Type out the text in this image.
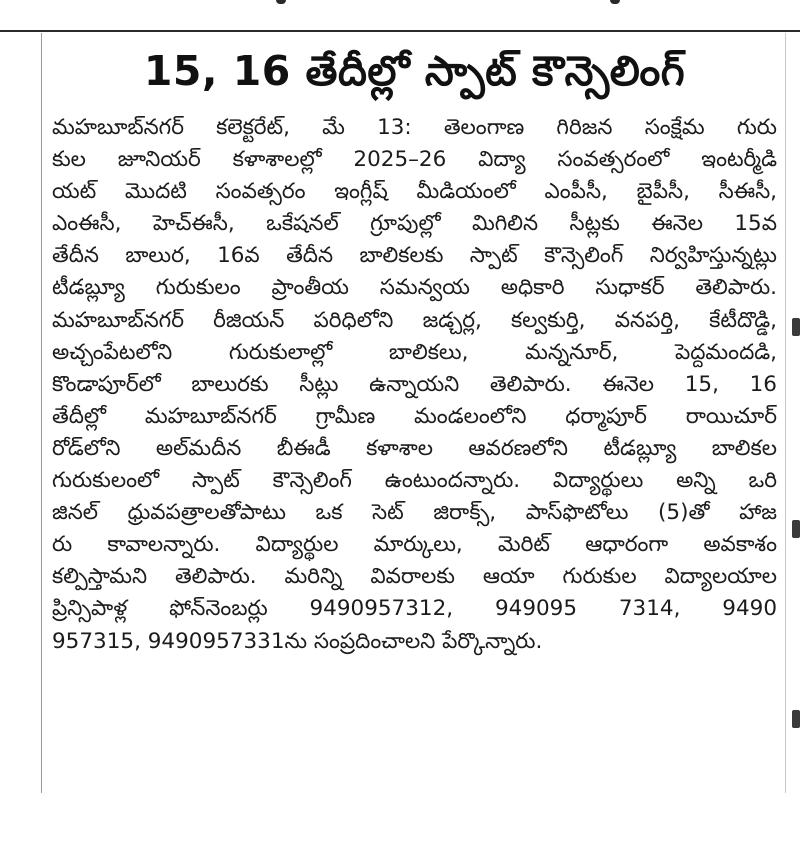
15, 16 తేదీల్లో స్పాట్ కౌన్సెలింగ్
మహబూబ్‌నగర్ కలెక్టరేట్, మే 13: తెలంగాణ గిరిజన సంక్షేమ గురు
కుల జూనియర్ కళాశాలల్లో 2025–26 విద్యా సంవత్సరంలో ఇంటర్మీడి
యట్ మొదటి సంవత్సరం ఇంగ్లీష్ మీడియంలో ఎంపీసీ, బైపీసీ, సీఈసీ,
ఎంఈసీ, హెచ్ఈసీ, ఒకేషనల్ గ్రూపుల్లో మిగిలిన సీట్లకు ఈనెల 15వ
తేదీన బాలుర, 16వ తేదీన బాలికలకు స్పాట్ కౌన్సెలింగ్ నిర్వహిస్తున్నట్లు
టీడబ్ల్యూ గురుకులం ప్రాంతీయ సమన్వయ అధికారి సుధాకర్ తెలిపారు.
మహబూబ్‌నగర్ రీజియన్ పరిధిలోని జడ్చర్ల, కల్వకుర్తి, వనపర్తి, కేటీదొడ్డి,
అచ్చంపేటలోని గురుకులాల్లో బాలికలు, మన్ననూర్, పెద్దమందడి,
కొండాపూర్‌లో బాలురకు సీట్లు ఉన్నాయని తెలిపారు. ఈనెల 15, 16
తేదీల్లో మహబూబ్‌నగర్ గ్రామీణ మండలంలోని ధర్మాపూర్ రాయిచూర్
రోడ్‌లోని అల్‌మదీన బీఈడీ కళాశాల ఆవరణలోని టీడబ్ల్యూ బాలికల
గురుకులంలో స్పాట్ కౌన్సెలింగ్ ఉంటుందన్నారు. విద్యార్థులు అన్ని ఒరి
జినల్ ధ్రువపత్రాలతోపాటు ఒక సెట్ జిరాక్స్, పాస్‌ఫొటోలు (5)తో హాజ
రు కావాలన్నారు. విద్యార్థుల మార్కులు, మెరిట్ ఆధారంగా అవకాశం
కల్పిస్తామని తెలిపారు. మరిన్ని వివరాలకు ఆయా గురుకుల విద్యాలయాల
ప్రిన్సిపాళ్ల ఫోన్‌నెంబర్లు 9490957312, 949095 7314, 9490
957315, 9490957331ను సంప్రదించాలని పేర్కొన్నారు.
